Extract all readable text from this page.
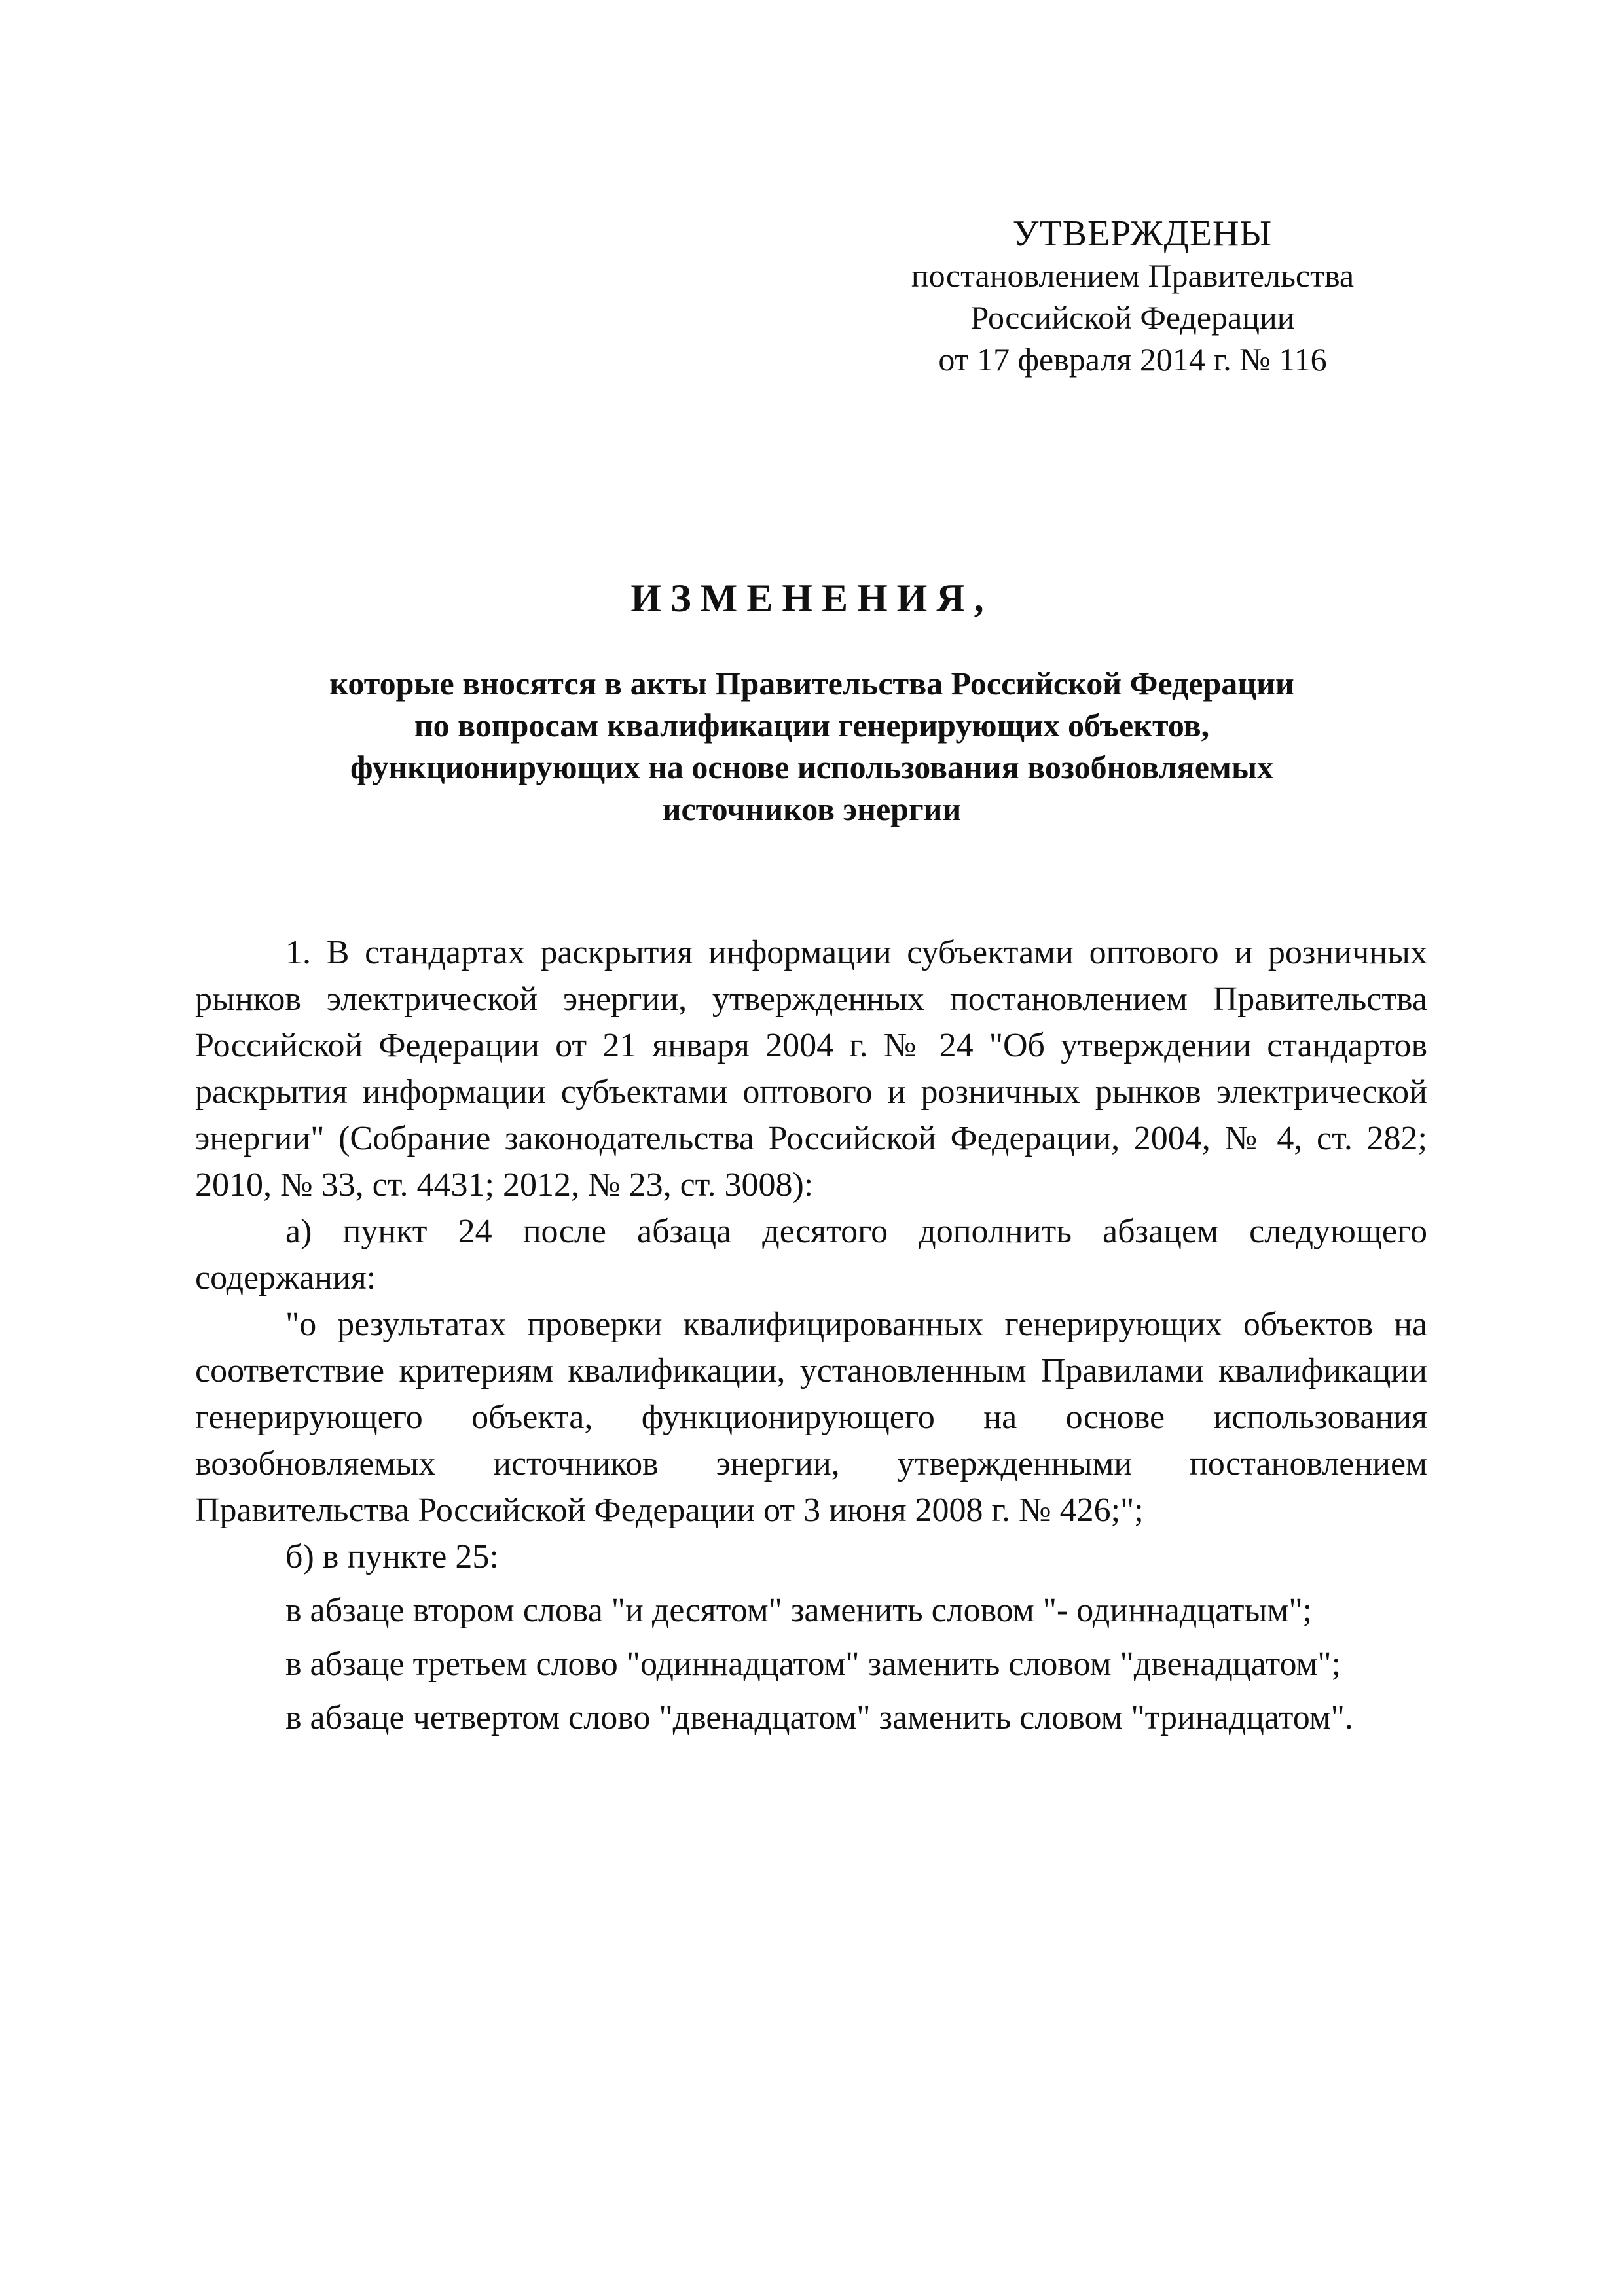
УТВЕРЖДЕНЫ
постановлением Правительства
Российской Федерации
от 17 февраля 2014 г. № 116
ИЗМЕНЕНИЯ,
которые вносятся в акты Правительства Российской Федерации
по вопросам квалификации генерирующих объектов,
функционирующих на основе использования возобновляемых
источников энергии

1. В стандартах раскрытия информации субъектами оптового и розничных рынков электрической энергии, утвержденных постановлением Правительства Российской Федерации от 21 января 2004 г. № 24 "Об утверждении стандартов раскрытия информации субъектами оптового и розничных рынков электрической энергии" (Собрание законодательства Российской Федерации, 2004, № 4, ст. 282; 2010, № 33, ст. 4431; 2012, № 23, ст. 3008):

а) пункт 24 после абзаца десятого дополнить абзацем следующего содержания:

"о результатах проверки квалифицированных генерирующих объектов на соответствие критериям квалификации, установленным Правилами квалификации генерирующего объекта, функционирующего на основе использования возобновляемых источников энергии, утвержденными постановлением Правительства Российской Федерации от 3 июня 2008 г. № 426;";

б) в пункте 25:

в абзаце втором слова "и десятом" заменить словом "- одиннадцатым";

в абзаце третьем слово "одиннадцатом" заменить словом "двенадцатом";

в абзаце четвертом слово "двенадцатом" заменить словом "тринадцатом".
